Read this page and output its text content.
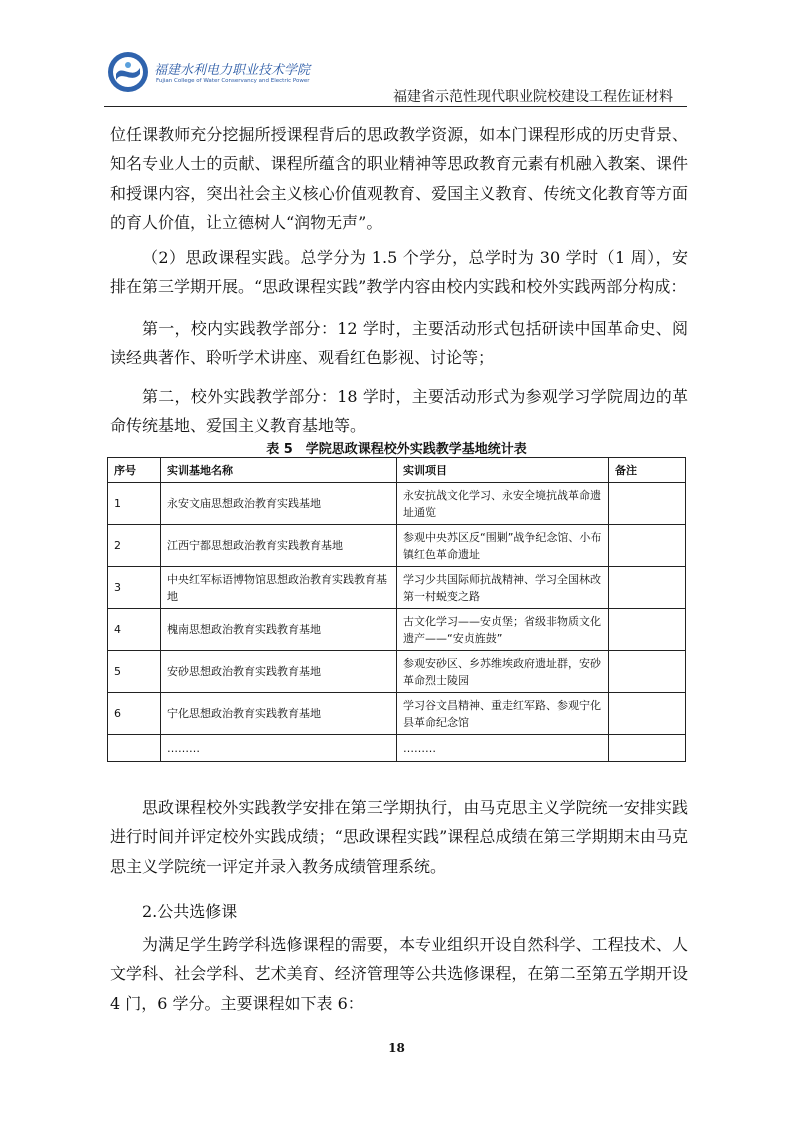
福建水利电力职业技术学院
Fujian College of Water Conservancy and Electric Power
福建省示范性现代职业院校建设工程佐证材料

位任课教师充分挖掘所授课程背后的思政教学资源，如本门课程形成的历史背景、知名专业人士的贡献、课程所蕴含的职业精神等思政教育元素有机融入教案、课件和授课内容，突出社会主义核心价值观教育、爱国主义教育、传统文化教育等方面的育人价值，让立德树人“润物无声”。

（2）思政课程实践。总学分为 1.5 个学分，总学时为 30 学时（1 周），安排在第三学期开展。“思政课程实践”教学内容由校内实践和校外实践两部分构成：

第一，校内实践教学部分：12 学时，主要活动形式包括研读中国革命史、阅读经典著作、聆听学术讲座、观看红色影视、讨论等；

第二，校外实践教学部分：18 学时，主要活动形式为参观学习学院周边的革命传统基地、爱国主义教育基地等。

表 5　学院思政课程校外实践教学基地统计表
序号	实训基地名称	实训项目	备注
1	永安文庙思想政治教育实践基地	永安抗战文化学习、永安全境抗战革命遗址通览	
2	江西宁都思想政治教育实践教育基地	参观中央苏区反“围剿”战争纪念馆、小布镇红色革命遗址	
3	中央红军标语博物馆思想政治教育实践教育基地	学习少共国际师抗战精神、学习全国林改第一村蜕变之路	
4	槐南思想政治教育实践教育基地	古文化学习——安贞堡；省级非物质文化遗产——“安贞旌鼓”	
5	安砂思想政治教育实践教育基地	参观安砂区、乡苏维埃政府遗址群，安砂革命烈士陵园	
6	宁化思想政治教育实践教育基地	学习谷文昌精神、重走红军路、参观宁化县革命纪念馆	
	………	………	

思政课程校外实践教学安排在第三学期执行，由马克思主义学院统一安排实践进行时间并评定校外实践成绩；“思政课程实践”课程总成绩在第三学期期末由马克思主义学院统一评定并录入教务成绩管理系统。

2.公共选修课

为满足学生跨学科选修课程的需要，本专业组织开设自然科学、工程技术、人文学科、社会学科、艺术美育、经济管理等公共选修课程，在第二至第五学期开设 4 门，6 学分。主要课程如下表 6：

18
